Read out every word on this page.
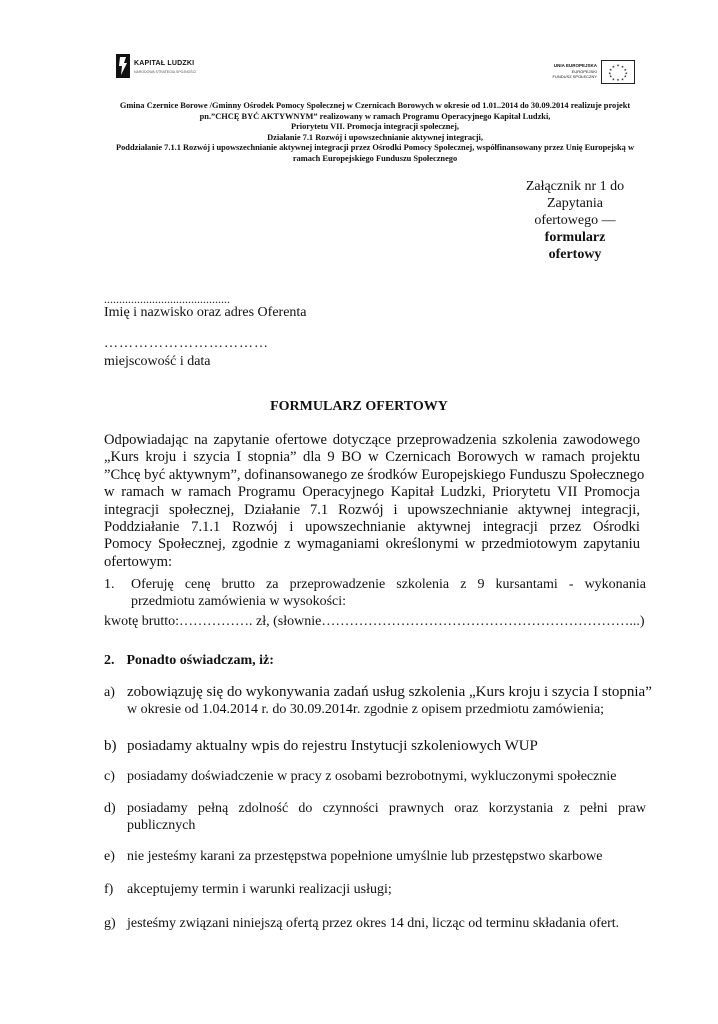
KAPITAŁ LUDZKI
NARODOWA STRATEGIA SPÓJNOŚCI
UNIA EUROPEJSKA
EUROPEJSKI
FUNDUSZ SPOŁECZNY
★ ★
★
★
★
★
★
★
★
★
★
★
Gmina Czernice Borowe /Gminny Ośrodek Pomocy Społecznej w Czernicach Borowych w okresie od 1.01..2014 do 30.09.2014 realizuje projekt
pn.”CHCĘ BYĆ AKTYWNYM” realizowany w ramach Programu Operacyjnego Kapitał Ludzki,
Priorytetu VII. Promocja integracji społecznej,
Działanie 7.1 Rozwój i upowszechnianie aktywnej integracji,
Poddziałanie 7.1.1 Rozwój i upowszechnianie aktywnej integracji przez Ośrodki Pomocy Społecznej, współfinansowany przez Unię Europejską w
ramach Europejskiego Funduszu Społecznego
Załącznik nr 1 do
Zapytania
ofertowego —
formularz
ofertowy
..........................................
Imię i nazwisko oraz adres Oferenta
……………………………
miejscowość i data
FORMULARZ OFERTOWY
Odpowiadając na zapytanie ofertowe dotyczące przeprowadzenia szkolenia zawodowego
„Kurs kroju i szycia I stopnia” dla 9 BO w Czernicach Borowych w ramach projektu
”Chcę być aktywnym”, dofinansowanego ze środków Europejskiego Funduszu Społecznego
w ramach w ramach Programu Operacyjnego Kapitał Ludzki, Priorytetu VII Promocja
integracji społecznej, Działanie 7.1 Rozwój i upowszechnianie aktywnej integracji,
Poddziałanie 7.1.1 Rozwój i upowszechnianie aktywnej integracji przez Ośrodki
Pomocy Społecznej, zgodnie z wymaganiami określonymi w przedmiotowym zapytaniu
ofertowym:
1. Oferuję cenę brutto za przeprowadzenie szkolenia z 9 kursantami - wykonania
przedmiotu zamówienia w wysokości:
kwotę brutto:……………. zł, (słownie…………………………………………………………...)
2. Ponadto oświadczam, iż:
a) zobowiązuję się do wykonywania zadań usług szkolenia „Kurs kroju i szycia I stopnia”
w okresie od 1.04.2014 r. do 30.09.2014r. zgodnie z opisem przedmiotu zamówienia;
b) posiadamy aktualny wpis do rejestru Instytucji szkoleniowych WUP
c) posiadamy doświadczenie w pracy z osobami bezrobotnymi, wykluczonymi społecznie
d) posiadamy pełną zdolność do czynności prawnych oraz korzystania z pełni praw
publicznych
e) nie jesteśmy karani za przestępstwa popełnione umyślnie lub przestępstwo skarbowe
f) akceptujemy termin i warunki realizacji usługi;
g) jesteśmy związani niniejszą ofertą przez okres 14 dni, licząc od terminu składania ofert.
